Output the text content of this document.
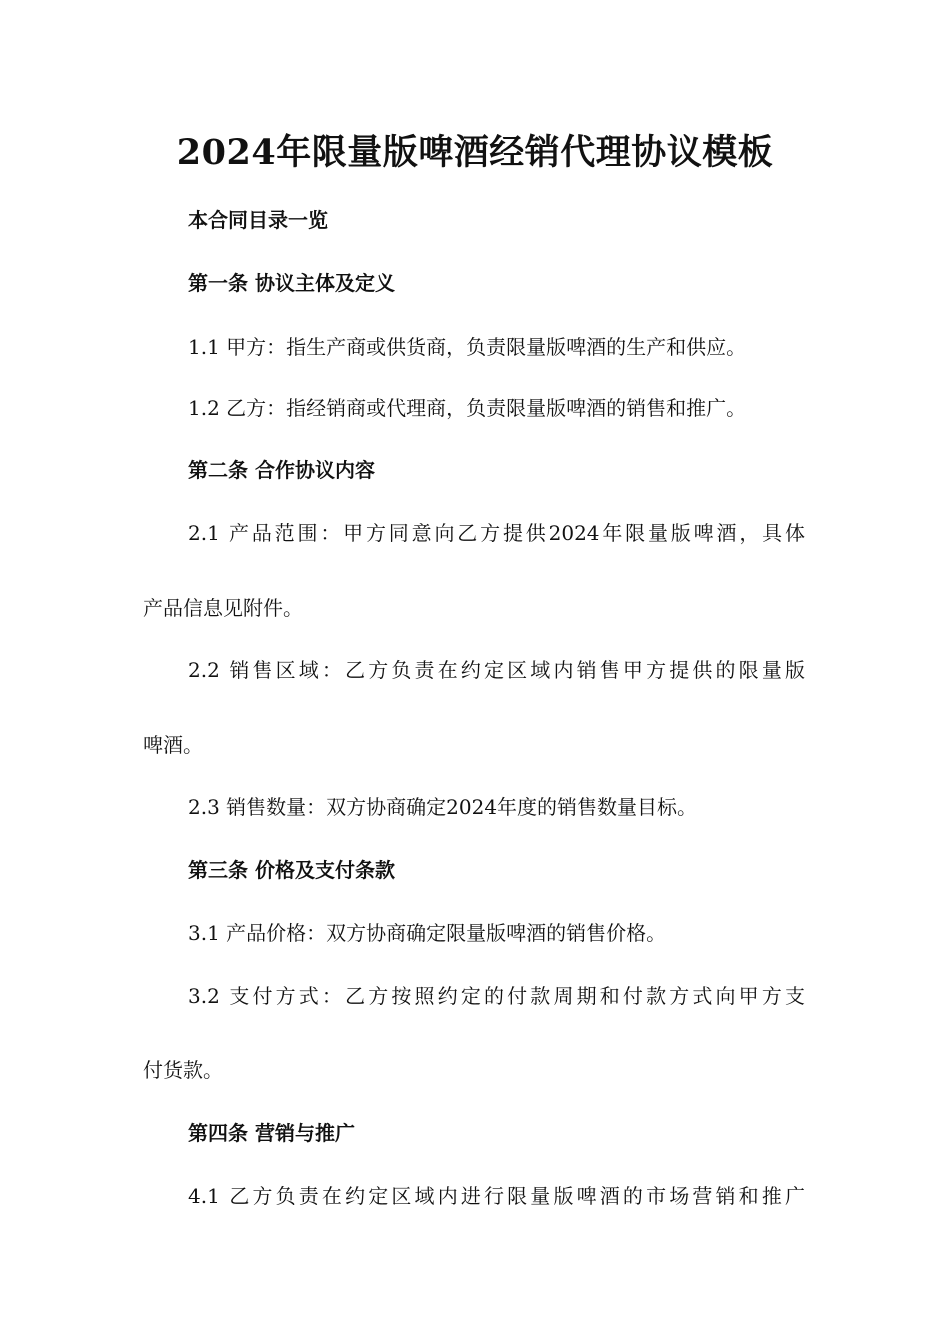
2024年限量版啤酒经销代理协议模板
本合同目录一览
第一条 协议主体及定义
1.1 甲方：指生产商或供货商，负责限量版啤酒的生产和供应。
1.2 乙方：指经销商或代理商，负责限量版啤酒的销售和推广。
第二条 合作协议内容
2.1 产品范围：甲方同意向乙方提供2024年限量版啤酒，具体
产品信息见附件。
2.2 销售区域：乙方负责在约定区域内销售甲方提供的限量版
啤酒。
2.3 销售数量：双方协商确定2024年度的销售数量目标。
第三条 价格及支付条款
3.1 产品价格：双方协商确定限量版啤酒的销售价格。
3.2 支付方式：乙方按照约定的付款周期和付款方式向甲方支
付货款。
第四条 营销与推广
4.1 乙方负责在约定区域内进行限量版啤酒的市场营销和推广
